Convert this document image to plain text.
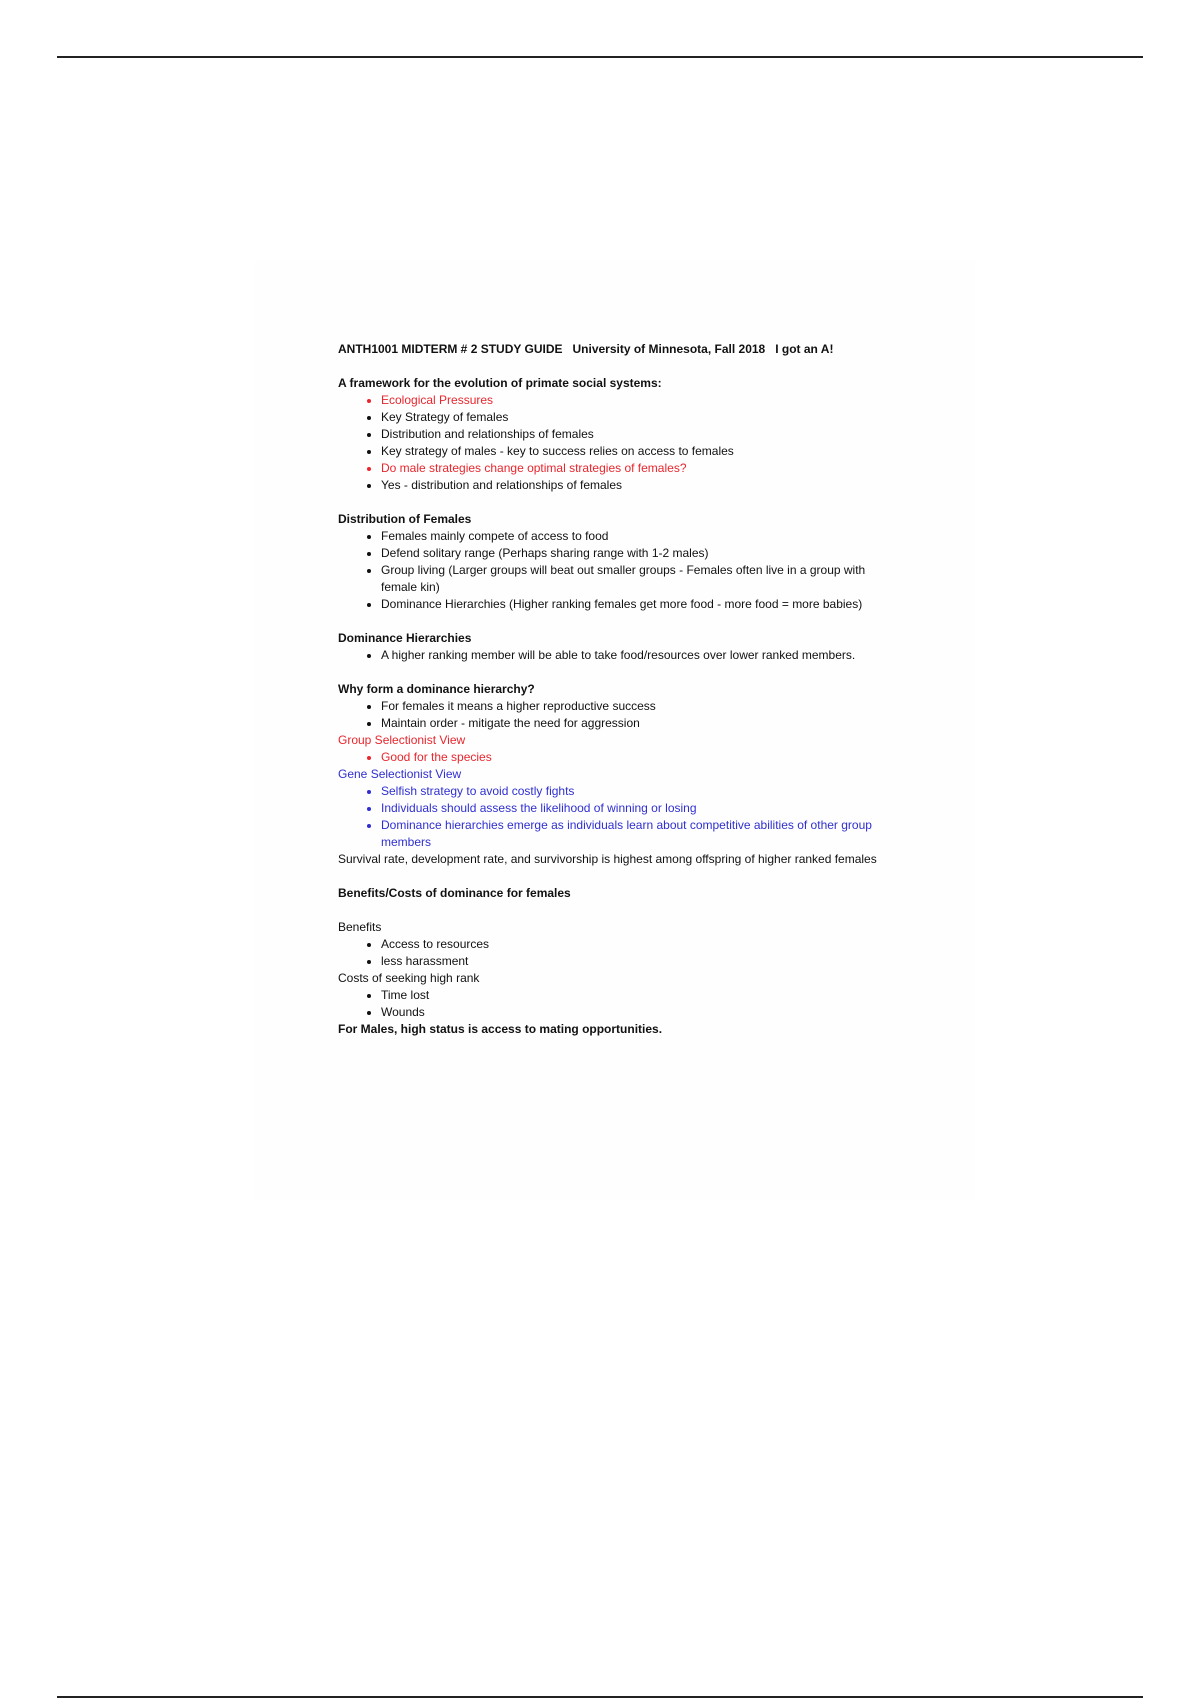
ANTH1001 MIDTERM # 2 STUDY GUIDE   University of Minnesota, Fall 2018   I got an A!

A framework for the evolution of primate social systems:

• Ecological Pressures
• Key Strategy of females
• Distribution and relationships of females
• Key strategy of males - key to success relies on access to females
• Do male strategies change optimal strategies of females?
• Yes - distribution and relationships of females

Distribution of Females

• Females mainly compete of access to food
• Defend solitary range (Perhaps sharing range with 1-2 males)
• Group living (Larger groups will beat out smaller groups - Females often live in a group with female kin)
• Dominance Hierarchies (Higher ranking females get more food - more food = more babies)

Dominance Hierarchies

• A higher ranking member will be able to take food/resources over lower ranked members.

Why form a dominance hierarchy?

• For females it means a higher reproductive success
• Maintain order - mitigate the need for aggression

Group Selectionist View

• Good for the species

Gene Selectionist View

• Selfish strategy to avoid costly fights
• Individuals should assess the likelihood of winning or losing
• Dominance hierarchies emerge as individuals learn about competitive abilities of other group members

Survival rate, development rate, and survivorship is highest among offspring of higher ranked females

Benefits/Costs of dominance for females

Benefits

• Access to resources
• less harassment

Costs of seeking high rank

• Time lost
• Wounds

For Males, high status is access to mating opportunities.
